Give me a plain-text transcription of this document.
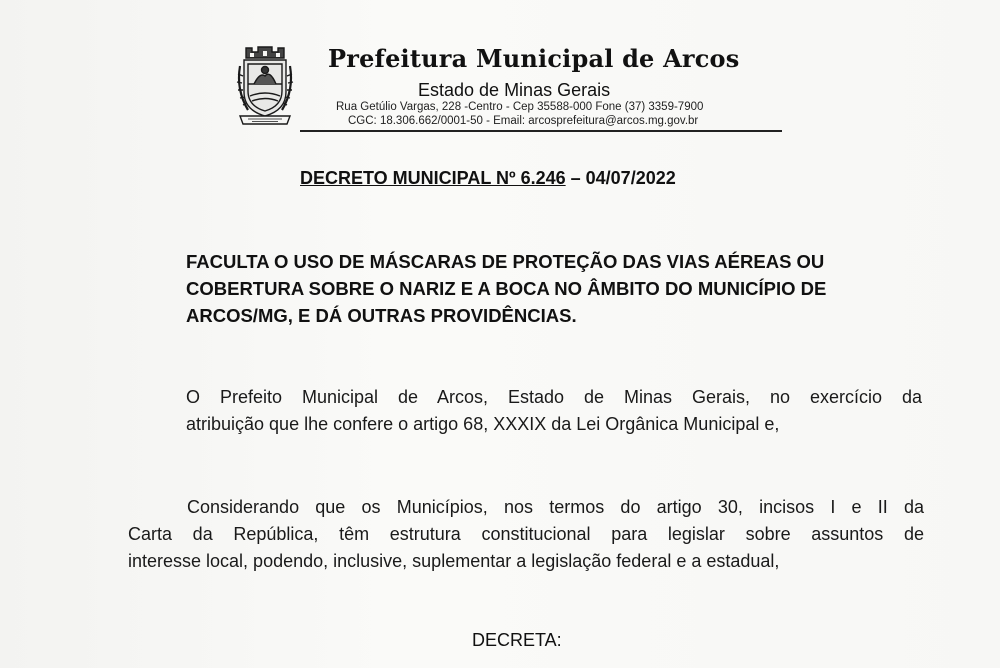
Prefeitura Municipal de Arcos
Estado de Minas Gerais
Rua Getúlio Vargas, 228 -Centro - Cep 35588-000 Fone (37) 3359-7900
CGC: 18.306.662/0001-50 - Email: arcosprefeitura@arcos.mg.gov.br
DECRETO MUNICIPAL Nº 6.246 – 04/07/2022
FACULTA O USO DE MÁSCARAS DE PROTEÇÃO DAS VIAS AÉREAS OU
COBERTURA SOBRE O NARIZ E A BOCA NO ÂMBITO DO MUNICÍPIO DE
ARCOS/MG, E DÁ OUTRAS PROVIDÊNCIAS.
O Prefeito Municipal de Arcos, Estado de Minas Gerais, no exercício da
atribuição que lhe confere o artigo 68, XXXIX da Lei Orgânica Municipal e,
Considerando que os Municípios, nos termos do artigo 30, incisos I e II da
Carta da República, têm estrutura constitucional para legislar sobre assuntos de
interesse local, podendo, inclusive, suplementar a legislação federal e a estadual,
DECRETA:
